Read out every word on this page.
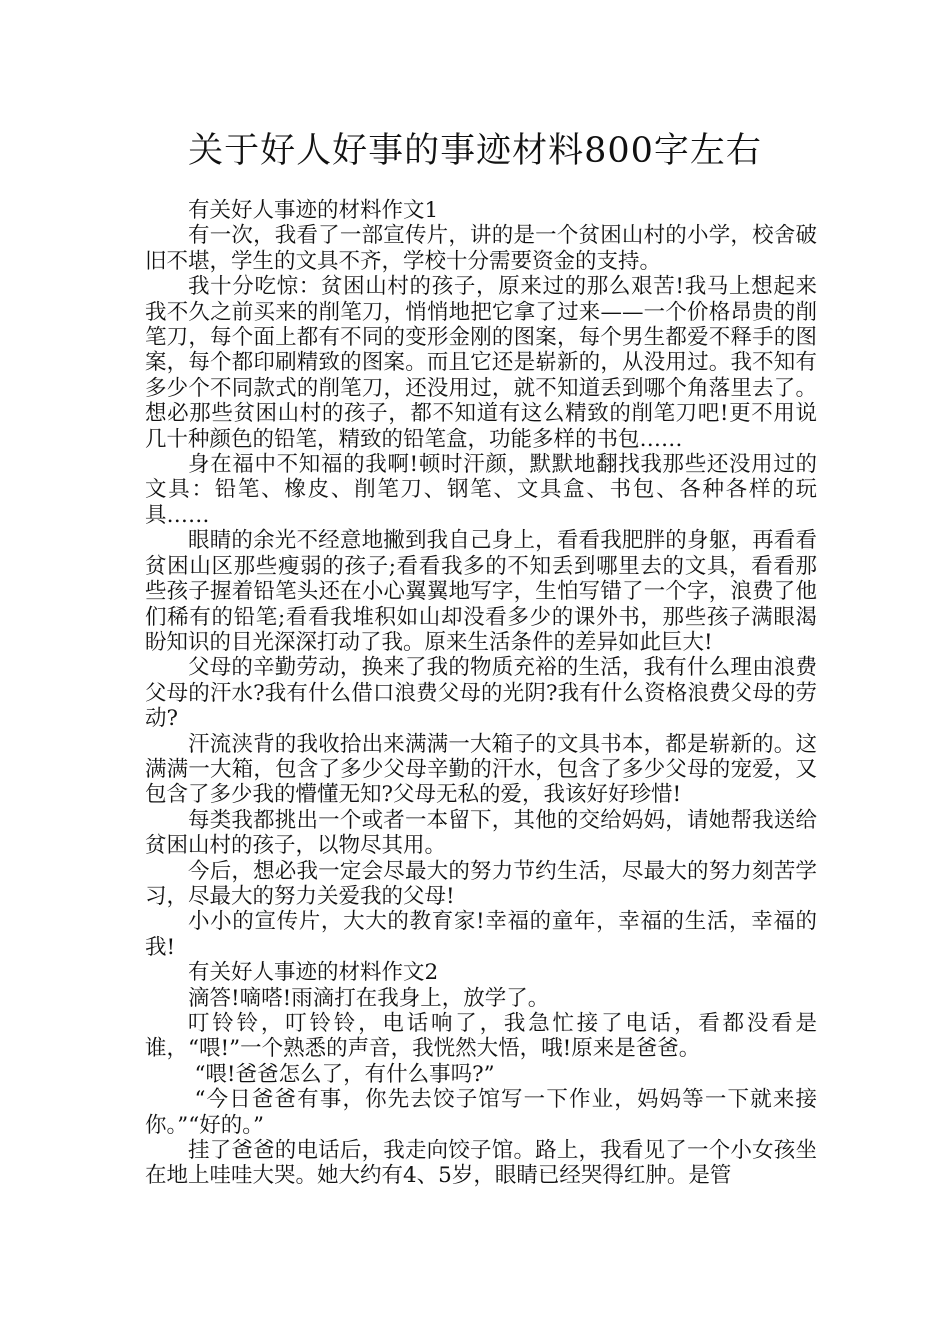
关于好人好事的事迹材料800字左右

有关好人事迹的材料作文1

有一次，我看了一部宣传片，讲的是一个贫困山村的小学，校舍破旧不堪，学生的文具不齐，学校十分需要资金的支持。

我十分吃惊：贫困山村的孩子，原来过的那么艰苦!我马上想起来我不久之前买来的削笔刀，悄悄地把它拿了过来——一个价格昂贵的削笔刀，每个面上都有不同的变形金刚的图案，每个男生都爱不释手的图案，每个都印刷精致的图案。而且它还是崭新的，从没用过。我不知有多少个不同款式的削笔刀，还没用过，就不知道丢到哪个角落里去了。想必那些贫困山村的孩子，都不知道有这么精致的削笔刀吧!更不用说几十种颜色的铅笔，精致的铅笔盒，功能多样的书包……

身在福中不知福的我啊!顿时汗颜，默默地翻找我那些还没用过的文具：铅笔、橡皮、削笔刀、钢笔、文具盒、书包、各种各样的玩具……

眼睛的余光不经意地撇到我自己身上，看看我肥胖的身躯，再看看贫困山区那些瘦弱的孩子;看看我多的不知丢到哪里去的文具，看看那些孩子握着铅笔头还在小心翼翼地写字，生怕写错了一个字，浪费了他们稀有的铅笔;看看我堆积如山却没看多少的课外书，那些孩子满眼渴盼知识的目光深深打动了我。原来生活条件的差异如此巨大!

父母的辛勤劳动，换来了我的物质充裕的生活，我有什么理由浪费父母的汗水?我有什么借口浪费父母的光阴?我有什么资格浪费父母的劳动?

汗流浃背的我收拾出来满满一大箱子的文具书本，都是崭新的。这满满一大箱，包含了多少父母辛勤的汗水，包含了多少父母的宠爱，又包含了多少我的懵懂无知?父母无私的爱，我该好好珍惜!

每类我都挑出一个或者一本留下，其他的交给妈妈，请她帮我送给贫困山村的孩子，以物尽其用。

今后，想必我一定会尽最大的努力节约生活，尽最大的努力刻苦学习，尽最大的努力关爱我的父母!

小小的宣传片，大大的教育家!幸福的童年，幸福的生活，幸福的我!

有关好人事迹的材料作文2

滴答!嘀嗒!雨滴打在我身上，放学了。

叮铃铃，叮铃铃，电话响了，我急忙接了电话，看都没看是谁，“喂!”一个熟悉的声音，我恍然大悟，哦!原来是爸爸。

“喂!爸爸怎么了，有什么事吗?”

“今日爸爸有事，你先去饺子馆写一下作业，妈妈等一下就来接你。”“好的。”

挂了爸爸的电话后，我走向饺子馆。路上，我看见了一个小女孩坐在地上哇哇大哭。她大约有4、5岁，眼睛已经哭得红肿。是管
